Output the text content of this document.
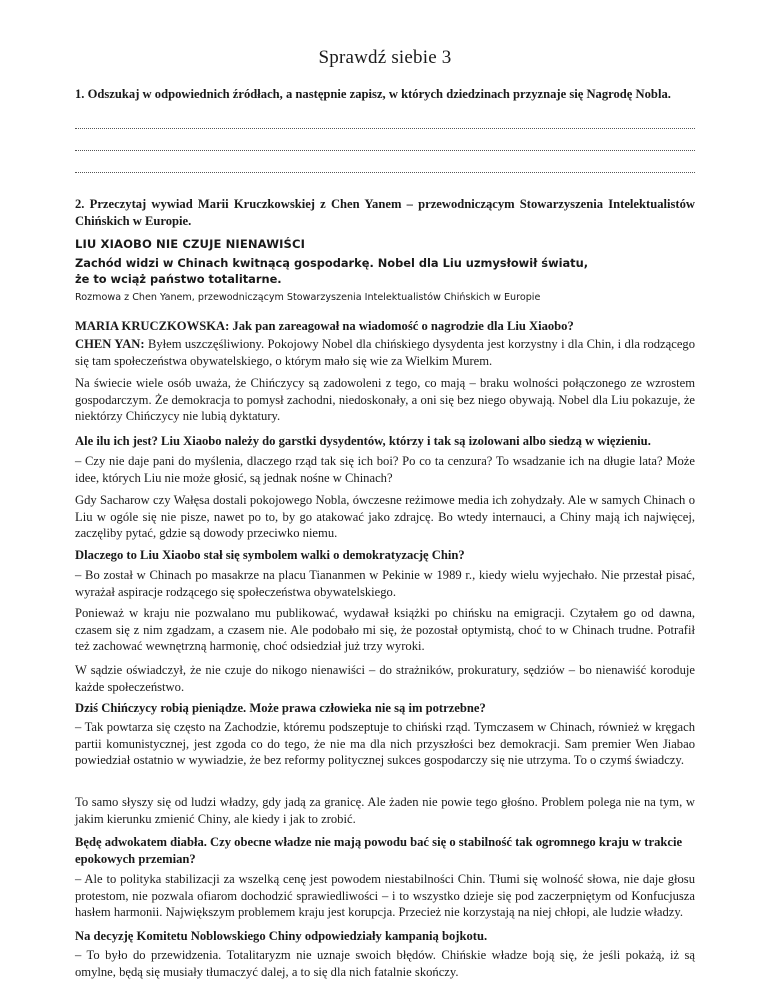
Sprawdź siebie 3
1. Odszukaj w odpowiednich źródłach, a następnie zapisz, w których dziedzinach przyznaje się Nagrodę Nobla.
2. Przeczytaj wywiad Marii Kruczkowskiej z Chen Yanem – przewodniczącym Stowarzyszenia Intelektualistów Chińskich w Europie.
LIU XIAOBO NIE CZUJE NIENAWIŚCI
Zachód widzi w Chinach kwitnącą gospodarkę. Nobel dla Liu uzmysłowił światu,
że to wciąż państwo totalitarne.
Rozmowa z Chen Yanem, przewodniczącym Stowarzyszenia Intelektualistów Chińskich w Europie
MARIA KRUCZKOWSKA: Jak pan zareagował na wiadomość o nagrodzie dla Liu Xiaobo?
CHEN YAN: Byłem uszczęśliwiony. Pokojowy Nobel dla chińskiego dysydenta jest korzystny i dla Chin, i dla rodzącego się tam społeczeństwa obywatelskiego, o którym mało się wie za Wielkim Murem.
Na świecie wiele osób uważa, że Chińczycy są zadowoleni z tego, co mają – braku wolności połączonego ze wzrostem gospodarczym. Że demokracja to pomysł zachodni, niedoskonały, a oni się bez niego obywają. Nobel dla Liu pokazuje, że niektórzy Chińczycy nie lubią dyktatury.
Ale ilu ich jest? Liu Xiaobo należy do garstki dysydentów, którzy i tak są izolowani albo siedzą w więzieniu.
– Czy nie daje pani do myślenia, dlaczego rząd tak się ich boi? Po co ta cenzura? To wsadzanie ich na długie lata? Może idee, których Liu nie może głosić, są jednak nośne w Chinach?
Gdy Sacharow czy Wałęsa dostali pokojowego Nobla, ówczesne reżimowe media ich zohydzały. Ale w samych Chinach o Liu w ogóle się nie pisze, nawet po to, by go atakować jako zdrajcę. Bo wtedy internauci, a Chiny mają ich najwięcej, zaczęliby pytać, gdzie są dowody przeciwko niemu.
Dlaczego to Liu Xiaobo stał się symbolem walki o demokratyzację Chin?
– Bo został w Chinach po masakrze na placu Tiananmen w Pekinie w 1989 r., kiedy wielu wyjechało. Nie przestał pisać, wyrażał aspiracje rodzącego się społeczeństwa obywatelskiego.
Ponieważ w kraju nie pozwalano mu publikować, wydawał książki po chińsku na emigracji. Czytałem go od dawna, czasem się z nim zgadzam, a czasem nie. Ale podobało mi się, że pozostał optymistą, choć to w Chinach trudne. Potrafił też zachować wewnętrzną harmonię, choć odsiedział już trzy wyroki.
W sądzie oświadczył, że nie czuje do nikogo nienawiści – do strażników, prokuratury, sędziów – bo nienawiść koroduje każde społeczeństwo.
Dziś Chińczycy robią pieniądze. Może prawa człowieka nie są im potrzebne?
– Tak powtarza się często na Zachodzie, któremu podszeptuje to chiński rząd. Tymczasem w Chinach, również w kręgach partii komunistycznej, jest zgoda co do tego, że nie ma dla nich przyszłości bez demokracji. Sam premier Wen Jiabao powiedział ostatnio w wywiadzie, że bez reformy politycznej sukces gospodarczy się nie utrzyma. To o czymś świadczy.
To samo słyszy się od ludzi władzy, gdy jadą za granicę. Ale żaden nie powie tego głośno. Problem polega nie na tym, w jakim kierunku zmienić Chiny, ale kiedy i jak to zrobić.
Będę adwokatem diabła. Czy obecne władze nie mają powodu bać się o stabilność tak ogromnego kraju w trakcie epokowych przemian?
– Ale to polityka stabilizacji za wszelką cenę jest powodem niestabilności Chin. Tłumi się wolność słowa, nie daje głosu protestom, nie pozwala ofiarom dochodzić sprawiedliwości – i to wszystko dzieje się pod zaczerpniętym od Konfucjusza hasłem harmonii. Największym problemem kraju jest korupcja. Przecież nie korzystają na niej chłopi, ale ludzie władzy.
Na decyzję Komitetu Noblowskiego Chiny odpowiedziały kampanią bojkotu.
– To było do przewidzenia. Totalitaryzm nie uznaje swoich błędów. Chińskie władze boją się, że jeśli pokażą, iż są omylne, będą się musiały tłumaczyć dalej, a to się dla nich fatalnie skończy.
